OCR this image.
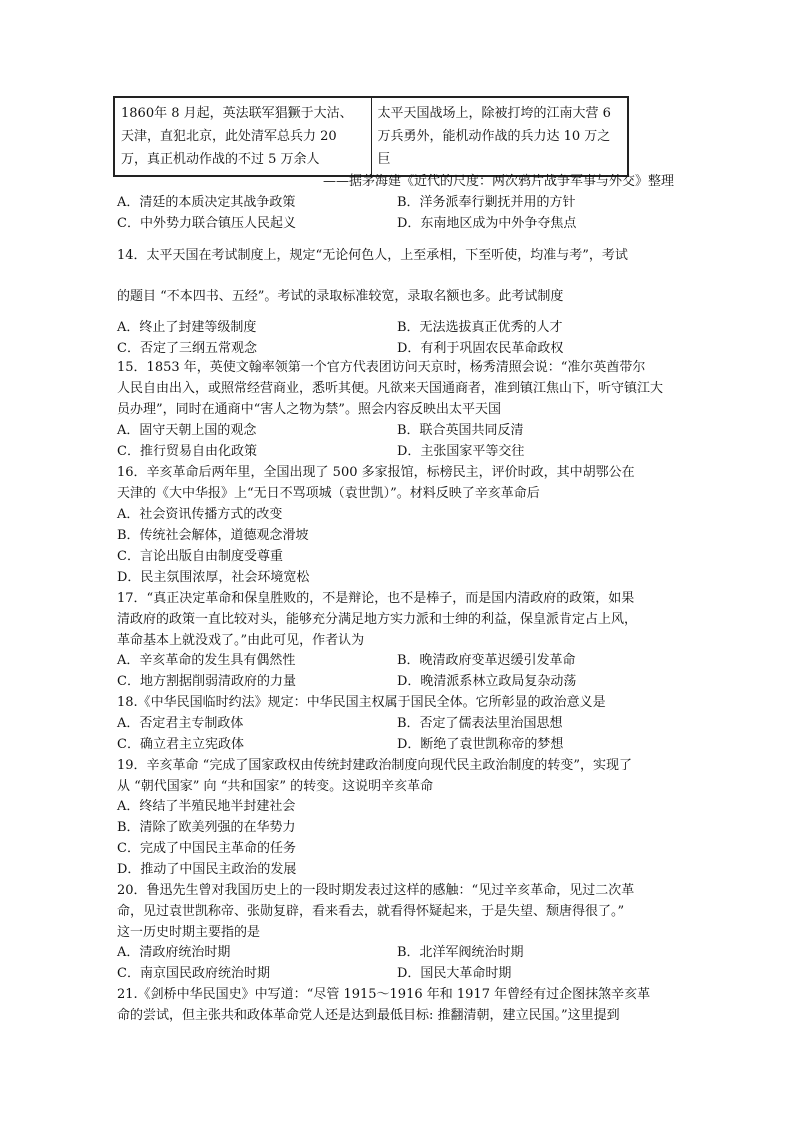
1860年 8 月起，英法联军猖獗于大沽、天津，直犯北京，此处清军总兵力 20 万，真正机动作战的不过 5 万余人	太平天国战场上，除被打垮的江南大营 6 万兵勇外，能机动作战的兵力达 10 万之巨
——据茅海建《近代的尺度：两次鸦片战争军事与外交》整理
A．清廷的本质决定其战争政策	B．洋务派奉行剿抚并用的方针
C．中外势力联合镇压人民起义	D．东南地区成为中外争夺焦点
14．太平天国在考试制度上，规定“无论何色人，上至承相，下至听使，均准与考”，考试
的题目 “不本四书、五经”。考试的录取标准较宽，录取名额也多。此考试制度
A．终止了封建等级制度	B．无法选拔真正优秀的人才
C．否定了三纲五常观念	D．有利于巩固农民革命政权
15．1853 年，英使文翰率领第一个官方代表团访问天京时，杨秀清照会说：“准尔英酋带尔
人民自由出入，或照常经营商业，悉听其便。凡欲来天国通商者，准到镇江焦山下，听守镇江大
员办理”，同时在通商中“害人之物为禁”。照会内容反映出太平天国
A．固守天朝上国的观念	B．联合英国共同反清
C．推行贸易自由化政策	D．主张国家平等交往
16．辛亥革命后两年里，全国出现了 500 多家报馆，标榜民主，评价时政，其中胡鄂公在
天津的《大中华报》上“无日不骂项城（袁世凯）”。材料反映了辛亥革命后
A．社会资讯传播方式的改变
B．传统社会解体，道德观念滑坡
C．言论出版自由制度受尊重
D．民主氛围浓厚，社会环境宽松
17．“真正决定革命和保皇胜败的，不是辩论，也不是棒子，而是国内清政府的政策，如果
清政府的政策一直比较对头，能够充分满足地方实力派和士绅的利益，保皇派肯定占上风，
革命基本上就没戏了。”由此可见，作者认为
A．辛亥革命的发生具有偶然性	B．晚清政府变革迟缓引发革命
C．地方割据削弱清政府的力量	D．晚清派系林立政局复杂动荡
18.《中华民国临时约法》规定：中华民国主权属于国民全体。它所彰显的政治意义是
A．否定君主专制政体	B．否定了儒表法里治国思想
C．确立君主立宪政体	D．断绝了袁世凯称帝的梦想
19．辛亥革命 “完成了国家政权由传统封建政治制度向现代民主政治制度的转变”，实现了
从 “朝代国家” 向 “共和国家” 的转变。这说明辛亥革命
A．终结了半殖民地半封建社会
B．清除了欧美列强的在华势力
C．完成了中国民主革命的任务
D．推动了中国民主政治的发展
20．鲁迅先生曾对我国历史上的一段时期发表过这样的感触：“见过辛亥革命，见过二次革
命，见过袁世凯称帝、张勋复辟，看来看去，就看得怀疑起来，于是失望、颓唐得很了。”
这一历史时期主要指的是
A．清政府统治时期	B．北洋军阀统治时期
C．南京国民政府统治时期	D．国民大革命时期
21.《剑桥中华民国史》中写道：“尽管 1915～1916 年和 1917 年曾经有过企图抹煞辛亥革
命的尝试，但主张共和政体革命党人还是达到最低目标: 推翻清朝，建立民国。”这里提到
